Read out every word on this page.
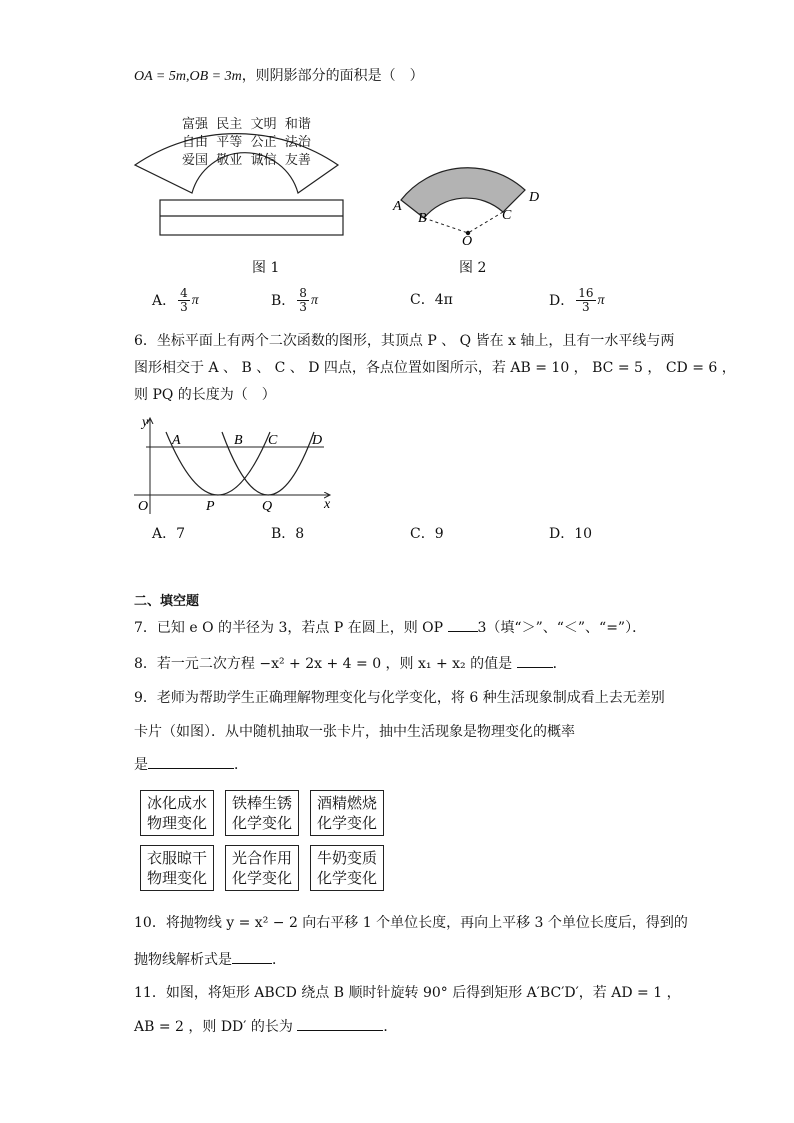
OA = 5m,OB = 3m，则阴影部分的面积是（　）
富强 民主 文明 和谐
自由 平等 公正 法治
爱国 敬业 诚信 友善
图 1
A
B	C
D
O
图 2
A． $\frac{4}{3}$ π	B． $\frac{8}{3}$ π	C． 4π	D． $\frac{16}{3}$ π
6．坐标平面上有两个二次函数的图形，其顶点 P 、 Q 皆在 x 轴上，且有一水平线与两
图形相交于 A 、 B 、 C 、 D 四点，各点位置如图所示，若 AB = 10 ， BC = 5 ， CD = 6 ，
则 PQ 的长度为（　）
y
x
O
A	B C D
P	Q
A．7	B．8	C．9	D．10
二、填空题
7．已知 e O 的半径为 3，若点 P 在圆上，则 OP 3（填“＞”、“＜”、“=”）．
8．若一元二次方程 −x² + 2x + 4 = 0 ，则 x₁ + x₂ 的值是	．
9．老师为帮助学生正确理解物理变化与化学变化，将 6 种生活现象制成看上去无差别
卡片（如图）．从中随机抽取一张卡片，抽中生活现象是物理变化的概率
是	．
冰化成水
物理变化
铁棒生锈
化学变化
酒精燃烧
化学变化
衣服晾干
物理变化
光合作用
化学变化
牛奶变质
化学变化
10．将抛物线 y = x² − 2 向右平移 1 个单位长度，再向上平移 3 个单位长度后，得到的
抛物线解析式是	．
11．如图，将矩形 ABCD 绕点 B 顺时针旋转 90° 后得到矩形 A′BC′D′，若 AD = 1 ，
AB = 2 ，则 DD′ 的长为	．
